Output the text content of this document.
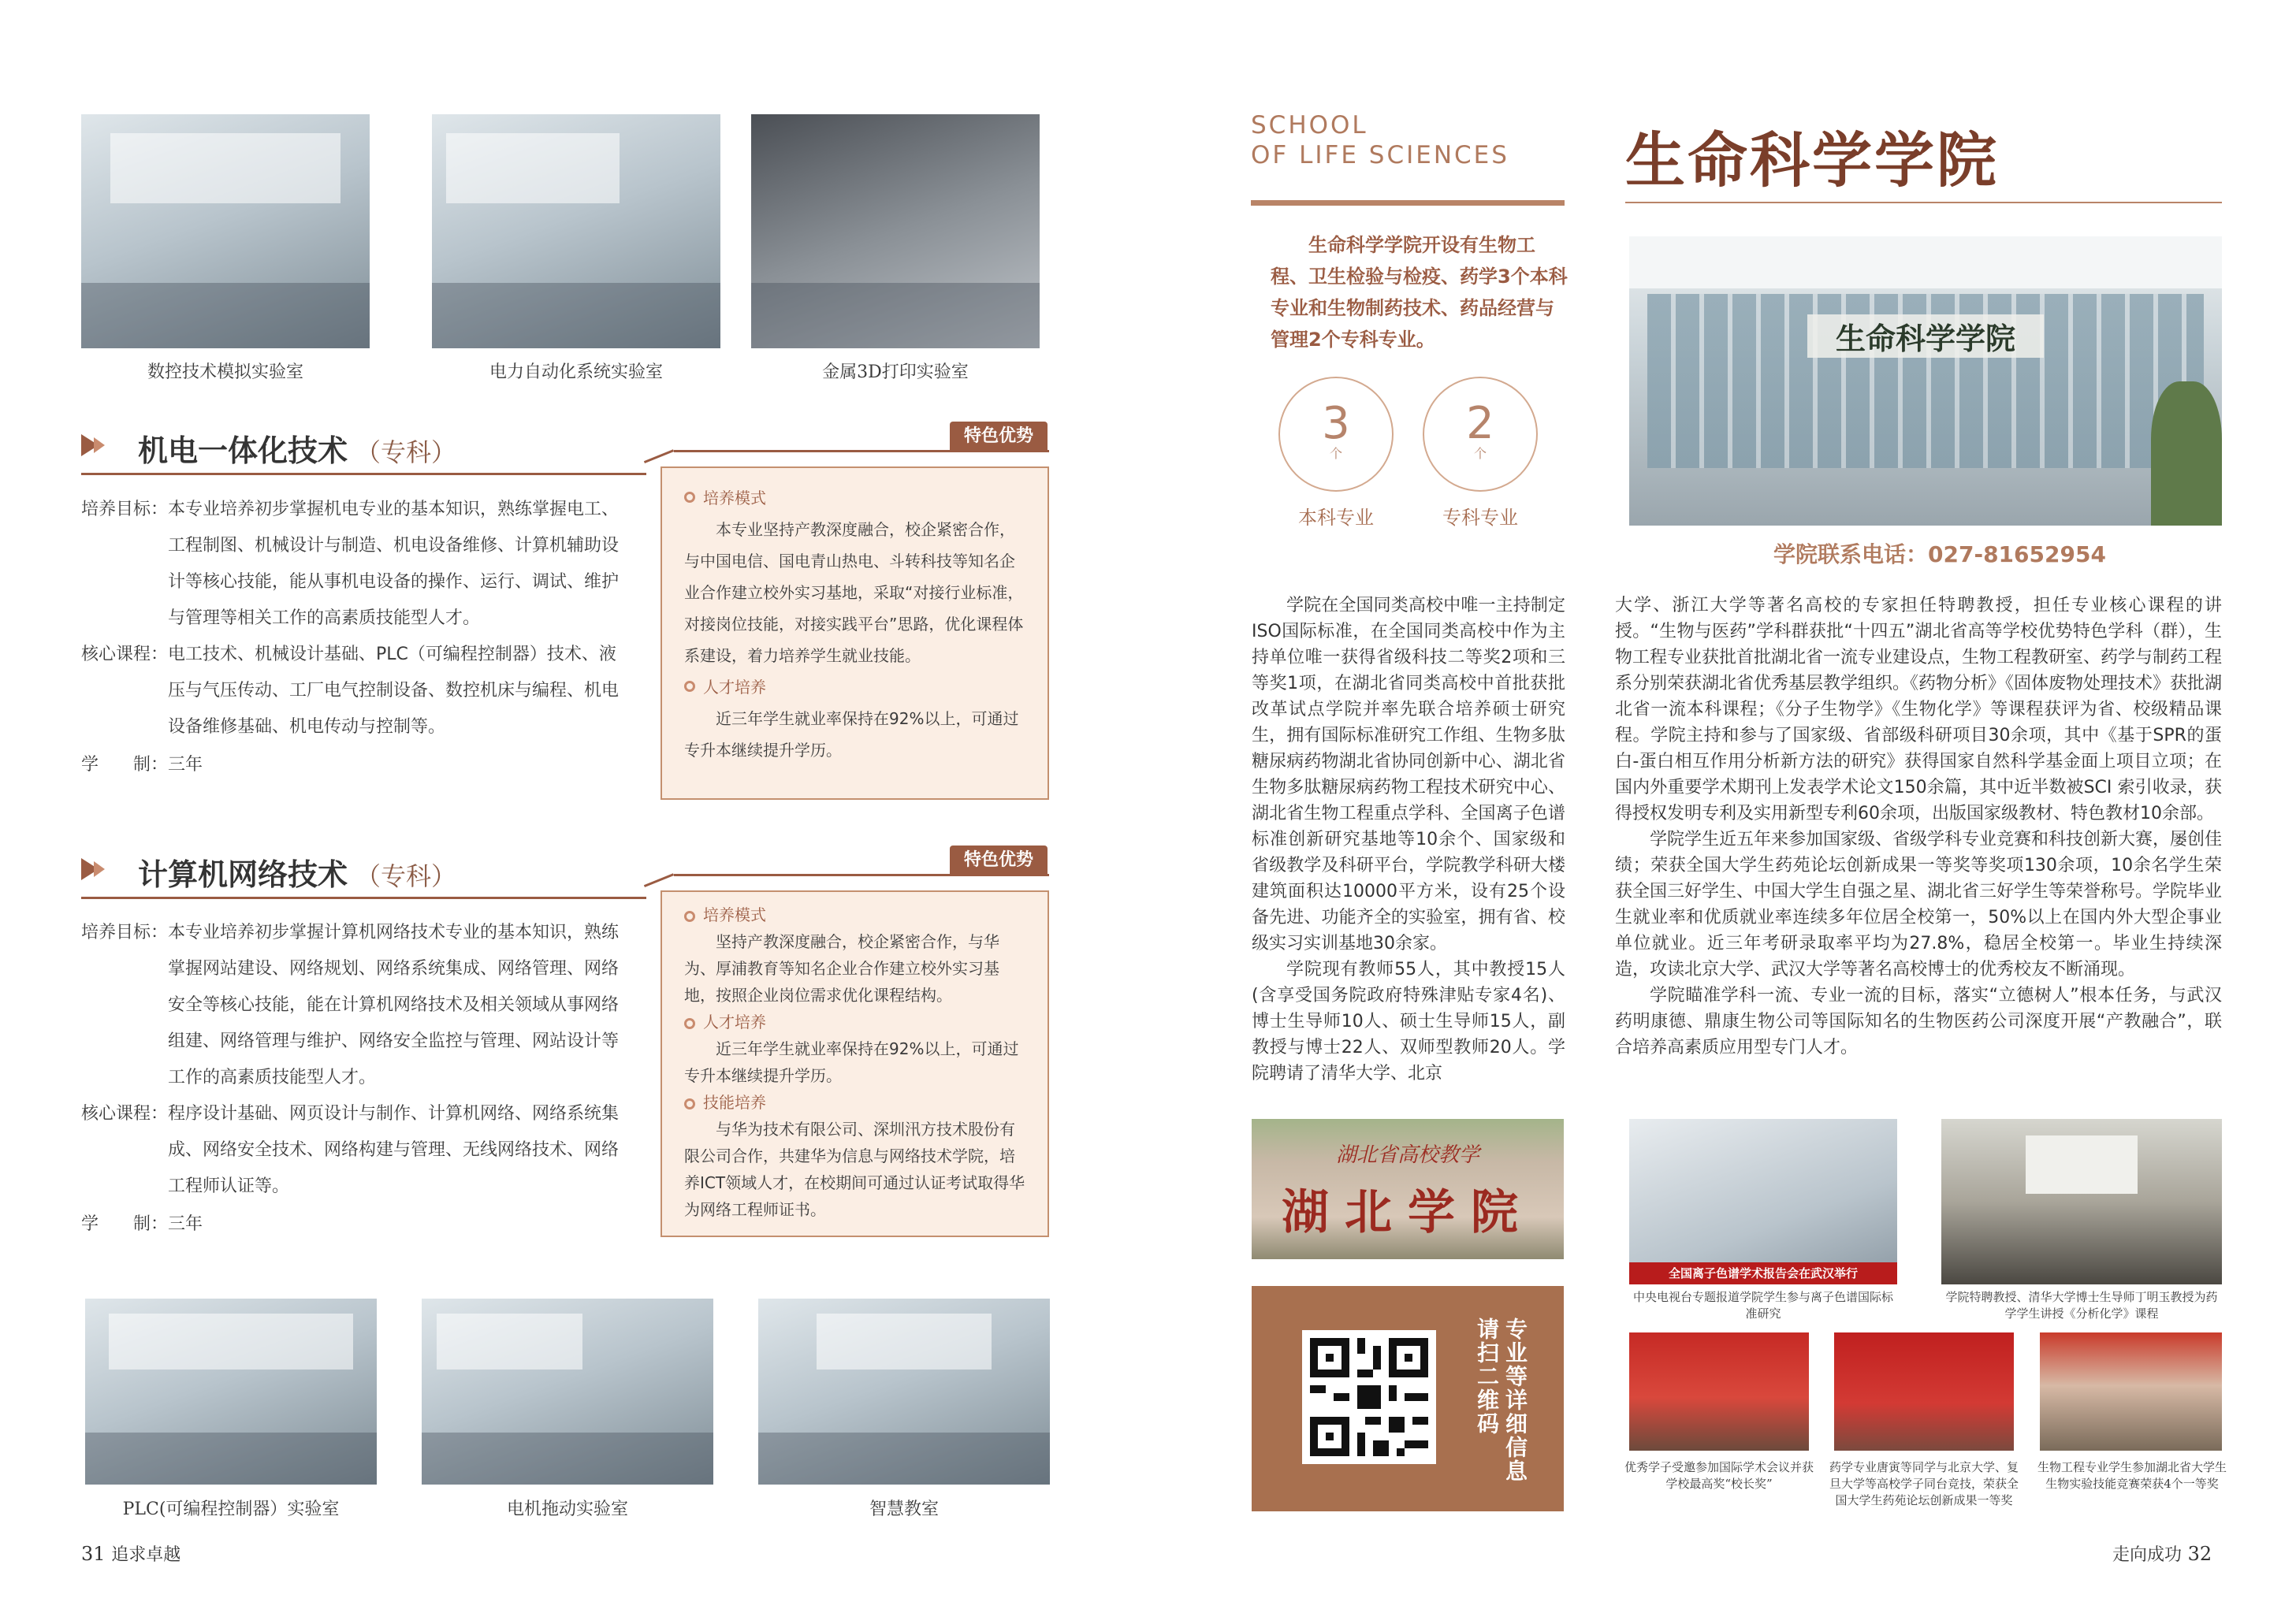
数控技术模拟实验室	电力自动化系统实验室	金属3D打印实验室
机电一体化技术 （专科）
特色优势
培养目标： 本专业培养初步掌握机电专业的基本知识，熟练掌握电工、工程制图、机械设计与制造、机电设备维修、计算机辅助设计等核心技能，能从事机电设备的操作、运行、调试、维护与管理等相关工作的高素质技能型人才。
核心课程： 电工技术、机械设计基础、PLC（可编程控制器）技术、液压与气压传动、工厂电气控制设备、数控机床与编程、机电设备维修基础、机电传动与控制等。
学　　制： 三年
培养模式
本专业坚持产教深度融合，校企紧密合作，与中国电信、国电青山热电、斗转科技等知名企业合作建立校外实习基地，采取“对接行业标准，对接岗位技能，对接实践平台”思路，优化课程体系建设，着力培养学生就业技能。
人才培养
近三年学生就业率保持在92%以上，可通过专升本继续提升学历。
计算机网络技术 （专科）
特色优势
培养目标： 本专业培养初步掌握计算机网络技术专业的基本知识，熟练掌握网站建设、网络规划、网络系统集成、网络管理、网络安全等核心技能，能在计算机网络技术及相关领域从事网络组建、网络管理与维护、网络安全监控与管理、网站设计等工作的高素质技能型人才。
核心课程： 程序设计基础、网页设计与制作、计算机网络、网络系统集成、网络安全技术、网络构建与管理、无线网络技术、网络工程师认证等。
学　　制： 三年
培养模式
坚持产教深度融合，校企紧密合作，与华为、厚浦教育等知名企业合作建立校外实习基地，按照企业岗位需求优化课程结构。
人才培养
近三年学生就业率保持在92%以上，可通过专升本继续提升学历。
技能培养
与华为技术有限公司、深圳汛方技术股份有限公司合作，共建华为信息与网络技术学院，培养ICT领域人才，在校期间可通过认证考试取得华为网络工程师证书。
PLC(可编程控制器）实验室	电机拖动实验室	智慧教室
31 追求卓越
SCHOOL
OF LIFE SCIENCES 生命科学学院
生命科学学院开设有生物工程、卫生检验与检疫、药学3个本科专业和生物制药技术、药品经营与管理2个专科专业。
3
个
本科专业
2
个
专科专业
生命科学学院
学院联系电话：027-81652954

学院在全国同类高校中唯一主持制定ISO国际标准，在全国同类高校中作为主持单位唯一获得省级科技二等奖2项和三等奖1项，在湖北省同类高校中首批获批改革试点学院并率先联合培养硕士研究生，拥有国际标准研究工作组、生物多肽糖尿病药物湖北省协同创新中心、湖北省生物多肽糖尿病药物工程技术研究中心、湖北省生物工程重点学科、全国离子色谱标准创新研究基地等10余个、国家级和省级教学及科研平台，学院教学科研大楼建筑面积达10000平方米，设有25个设备先进、功能齐全的实验室，拥有省、校级实习实训基地30余家。

学院现有教师55人，其中教授15人(含享受国务院政府特殊津贴专家4名)、博士生导师10人、硕士生导师15人，副教授与博士22人、双师型教师20人。学院聘请了清华大学、北京

大学、浙江大学等著名高校的专家担任特聘教授，担任专业核心课程的讲授。“生物与医药”学科群获批“十四五”湖北省高等学校优势特色学科（群），生物工程专业获批首批湖北省一流专业建设点，生物工程教研室、药学与制药工程系分别荣获湖北省优秀基层教学组织。《药物分析》《固体废物处理技术》获批湖北省一流本科课程；《分子生物学》《生物化学》等课程获评为省、校级精品课程。学院主持和参与了国家级、省部级科研项目30余项，其中《基于SPR的蛋白-蛋白相互作用分析新方法的研究》获得国家自然科学基金面上项目立项；在国内外重要学术期刊上发表学术论文150余篇，其中近半数被SCI 索引收录，获得授权发明专利及实用新型专利60余项，出版国家级教材、特色教材10余部。

学院学生近五年来参加国家级、省级学科专业竞赛和科技创新大赛，屡创佳绩；荣获全国大学生药苑论坛创新成果一等奖等奖项130余项，10余名学生荣获全国三好学生、中国大学生自强之星、湖北省三好学生等荣誉称号。学院毕业生就业率和优质就业率连续多年位居全校第一，50%以上在国内外大型企事业单位就业。近三年考研录取率平均为27.8%，稳居全校第一。毕业生持续深造，攻读北京大学、武汉大学等著名高校博士的优秀校友不断涌现。

学院瞄准学科一流、专业一流的目标，落实“立德树人”根本任务，与武汉药明康德、鼎康生物公司等国际知名的生物医药公司深度开展“产教融合”，联合培养高素质应用型专门人才。

湖北省高校教学
湖北学院
专业等详细信息请扫二维码
全国离子色谱学术报告会在武汉举行
中央电视台专题报道学院学生参与离子色谱国际标准研究
学院特聘教授、清华大学博士生导师丁明玉教授为药学学生讲授《分析化学》课程
优秀学子受邀参加国际学术会议并获学校最高奖“校长奖”
药学专业唐寅等同学与北京大学、复旦大学等高校学子同台竞技，荣获全国大学生药苑论坛创新成果一等奖
生物工程专业学生参加湖北省大学生生物实验技能竞赛荣获4个一等奖
走向成功 32
